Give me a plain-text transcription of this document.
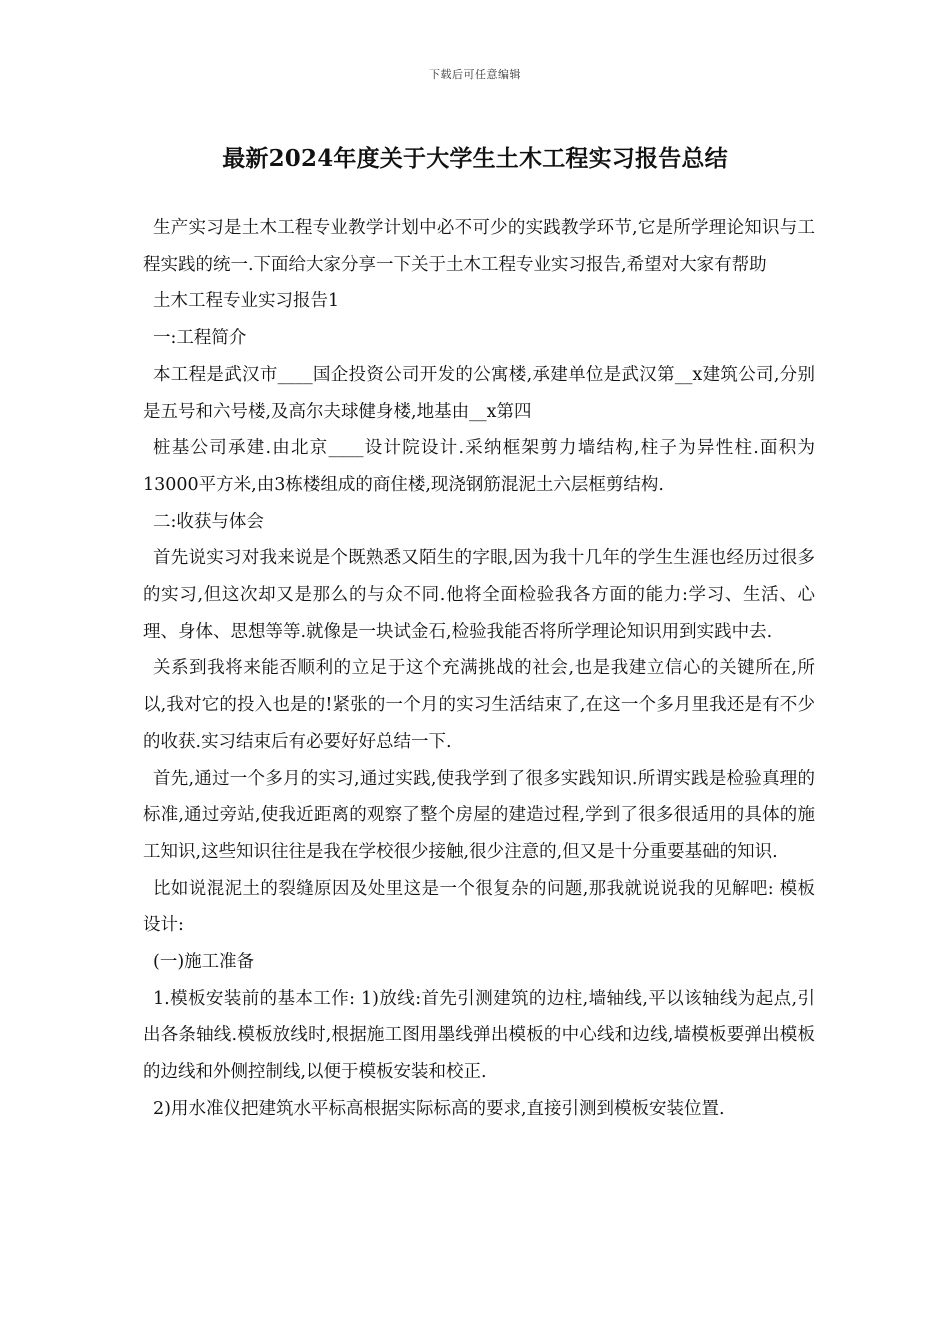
下载后可任意编辑
最新2024年度关于大学生土木工程实习报告总结

生产实习是土木工程专业教学计划中必不可少的实践教学环节,它是所学理论知识与工程实践的统一.下面给大家分享一下关于土木工程专业实习报告,希望对大家有帮助

土木工程专业实习报告1

一:工程简介

本工程是武汉市____国企投资公司开发的公寓楼,承建单位是武汉第__x建筑公司,分别是五号和六号楼,及高尔夫球健身楼,地基由__x第四

桩基公司承建.由北京____设计院设计.采纳框架剪力墙结构,柱子为异性柱.面积为13000平方米,由3栋楼组成的商住楼,现浇钢筋混泥土六层框剪结构.

二:收获与体会

首先说实习对我来说是个既熟悉又陌生的字眼,因为我十几年的学生生涯也经历过很多的实习,但这次却又是那么的与众不同.他将全面检验我各方面的能力:学习、生活、心理、身体、思想等等.就像是一块试金石,检验我能否将所学理论知识用到实践中去.

关系到我将来能否顺利的立足于这个充满挑战的社会,也是我建立信心的关键所在,所以,我对它的投入也是的!紧张的一个月的实习生活结束了,在这一个多月里我还是有不少的收获.实习结束后有必要好好总结一下.

首先,通过一个多月的实习,通过实践,使我学到了很多实践知识.所谓实践是检验真理的标准,通过旁站,使我近距离的观察了整个房屋的建造过程,学到了很多很适用的具体的施工知识,这些知识往往是我在学校很少接触,很少注意的,但又是十分重要基础的知识.

比如说混泥土的裂缝原因及处里这是一个很复杂的问题,那我就说说我的见解吧: 模板设计:

(一)施工准备

1.模板安装前的基本工作: 1)放线:首先引测建筑的边柱,墙轴线,平以该轴线为起点,引出各条轴线.模板放线时,根据施工图用墨线弹出模板的中心线和边线,墙模板要弹出模板的边线和外侧控制线,以便于模板安装和校正.

2)用水准仪把建筑水平标高根据实际标高的要求,直接引测到模板安装位置.
